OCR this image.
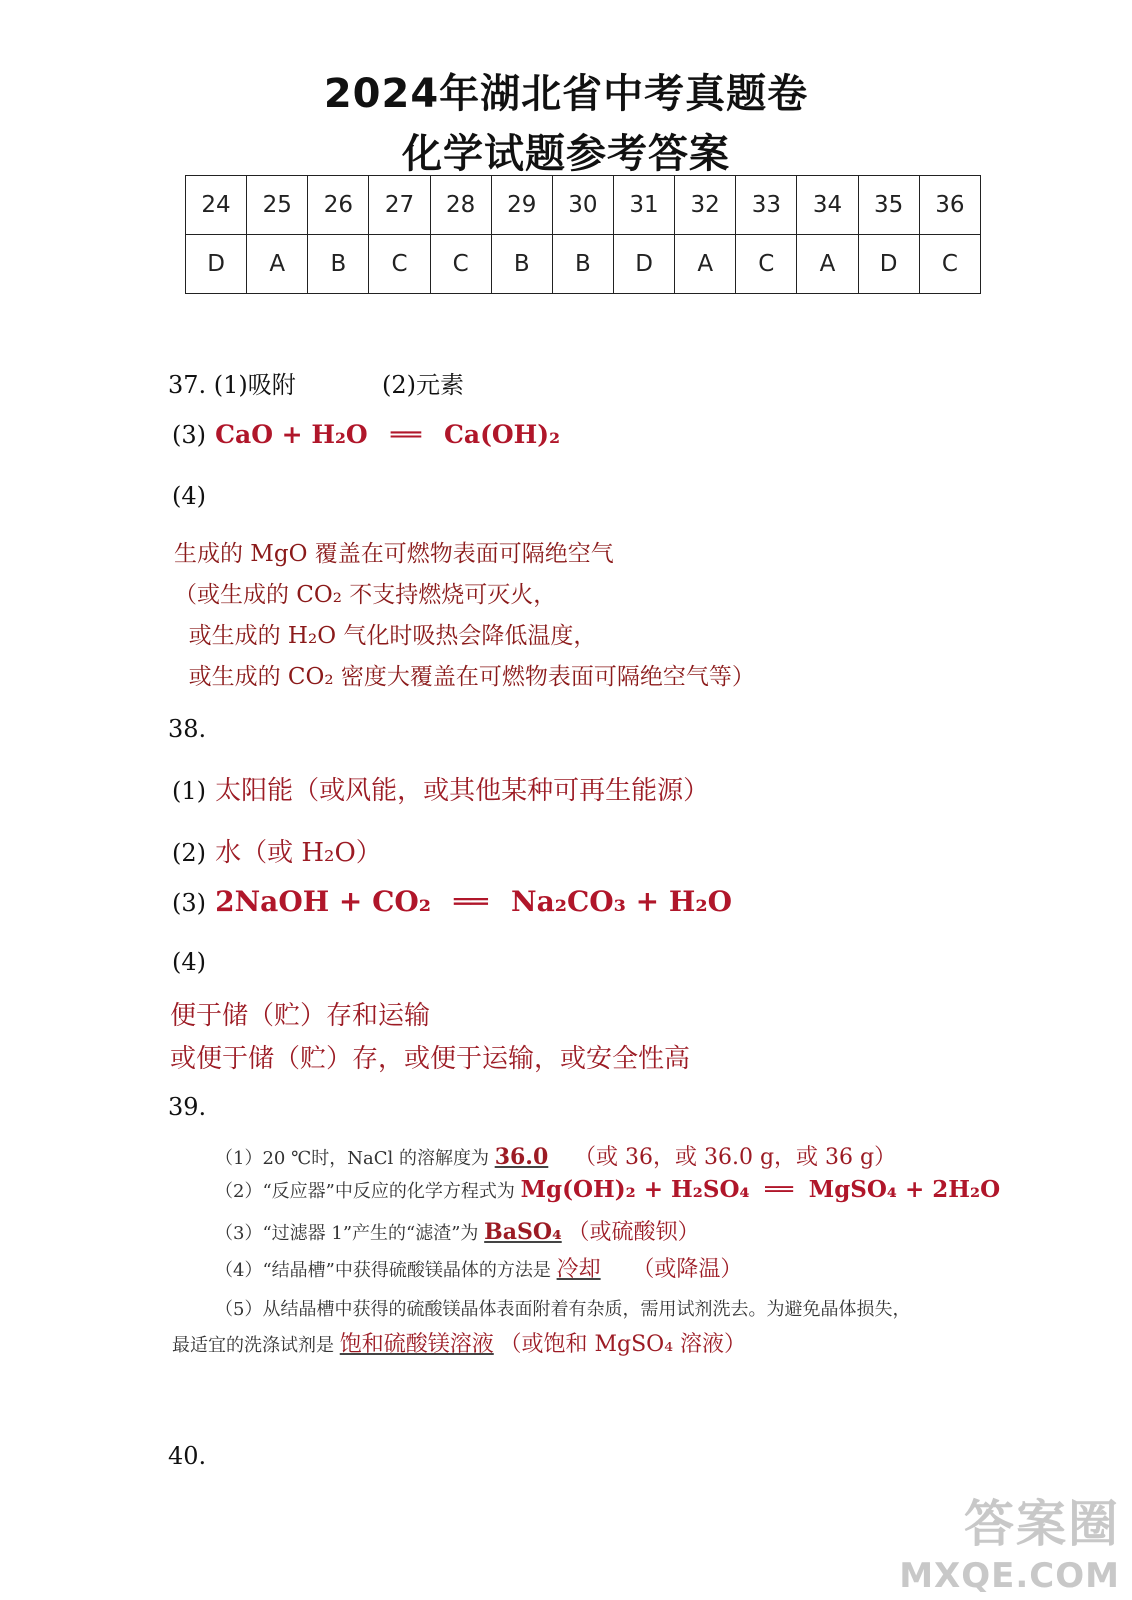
2024年湖北省中考真题卷
化学试题参考答案
24	25	26	27	28	29	30	31	32	33	34	35	36
D	A	B	C	C	B	B	D	A	C	A	D	C
37. (1)吸附	(2)元素
(3) CaO + H₂O ══ Ca(OH)₂
(4)
生成的 MgO 覆盖在可燃物表面可隔绝空气
（或生成的 CO₂ 不支持燃烧可灭火，
或生成的 H₂O 气化时吸热会降低温度，
或生成的 CO₂ 密度大覆盖在可燃物表面可隔绝空气等）
38.
(1) 太阳能（或风能，或其他某种可再生能源）
(2) 水（或 H₂O）
(3) 2NaOH + CO₂ ══ Na₂CO₃ + H₂O
(4)
便于储（贮）存和运输
或便于储（贮）存，或便于运输，或安全性高
39.
（1）20 ℃时，NaCl 的溶解度为 36.0 （或 36，或 36.0 g，或 36 g）
（2）“反应器”中反应的化学方程式为 Mg(OH)₂ + H₂SO₄ ══ MgSO₄ + 2H₂O
（3）“过滤器 1”产生的“滤渣”为 BaSO₄ （或硫酸钡）
（4）“结晶槽”中获得硫酸镁晶体的方法是 冷却 （或降温）
（5）从结晶槽中获得的硫酸镁晶体表面附着有杂质，需用试剂洗去。为避免晶体损失，
最适宜的洗涤试剂是 饱和硫酸镁溶液 （或饱和 MgSO₄ 溶液）
40.
答案圈
MXQE.COM
